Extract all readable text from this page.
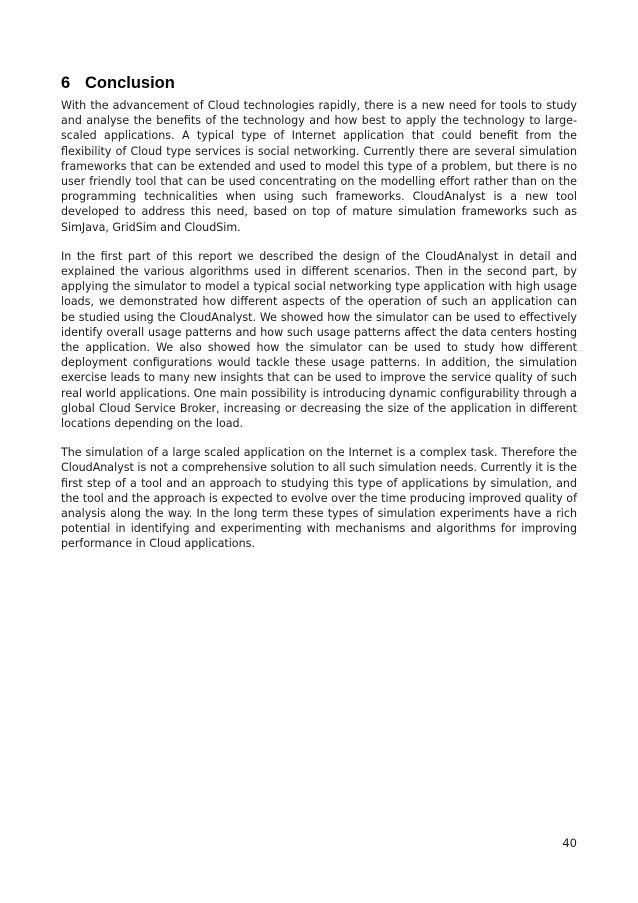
6 Conclusion

With the advancement of Cloud technologies rapidly, there is a new need for tools to study and analyse the benefits of the technology and how best to apply the technology to large-scaled applications. A typical type of Internet application that could benefit from the flexibility of Cloud type services is social networking. Currently there are several simulation frameworks that can be extended and used to model this type of a problem, but there is no user friendly tool that can be used concentrating on the modelling effort rather than on the programming technicalities when using such frameworks. CloudAnalyst is a new tool developed to address this need, based on top of mature simulation frameworks such as SimJava, GridSim and CloudSim.

In the first part of this report we described the design of the CloudAnalyst in detail and explained the various algorithms used in different scenarios. Then in the second part, by applying the simulator to model a typical social networking type application with high usage loads, we demonstrated how different aspects of the operation of such an application can be studied using the CloudAnalyst. We showed how the simulator can be used to effectively identify overall usage patterns and how such usage patterns affect the data centers hosting the application. We also showed how the simulator can be used to study how different deployment configurations would tackle these usage patterns. In addition, the simulation exercise leads to many new insights that can be used to improve the service quality of such real world applications. One main possibility is introducing dynamic configurability through a global Cloud Service Broker, increasing or decreasing the size of the application in different locations depending on the load.

The simulation of a large scaled application on the Internet is a complex task. Therefore the CloudAnalyst is not a comprehensive solution to all such simulation needs. Currently it is the first step of a tool and an approach to studying this type of applications by simulation, and the tool and the approach is expected to evolve over the time producing improved quality of analysis along the way. In the long term these types of simulation experiments have a rich potential in identifying and experimenting with mechanisms and algorithms for improving performance in Cloud applications.

40
